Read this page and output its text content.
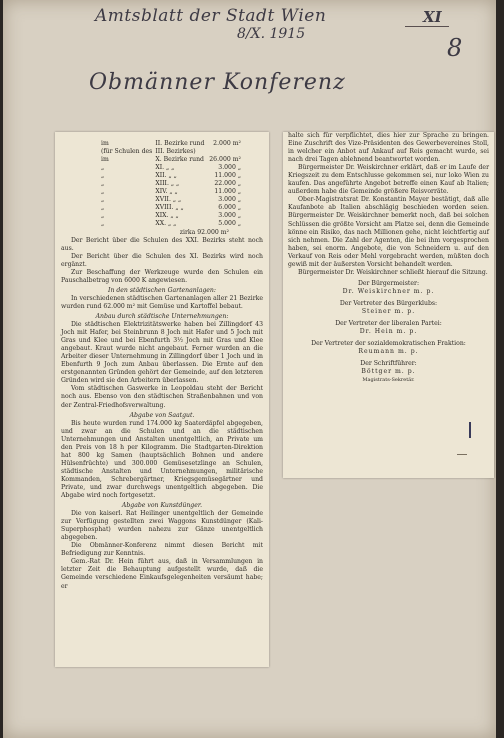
Amtsblatt der Stadt Wien	XI
8/X. 1915	8
Obmänner Konferenz
im	II. Bezirke rund	2.000 m²
(für Schulen des	III. Bezirkes)	
im	X. Bezirke rund	26.000 m²
„	XI. „ „	3.000 „
„	XII. „ „	11.000 „
„	XIII. „ „	22.000 „
„	XIV. „ „	11.000 „
„	XVII. „ „	3.000 „
„	XVIII. „ „	6.000 „
„	XIX. „ „	3.000 „
„	XX. „ „	5.000 „
zirka 92.000 m²

Der Bericht über die Schulen des XXI. Bezirks steht noch aus.

Der Bericht über die Schulen des XI. Bezirks wird noch ergänzt.

Zur Beschaffung der Werkzeuge wurde den Schulen ein Pauschalbetrag von 6000 K angewiesen.

In den städtischen Gartenanlagen:

In verschiedenen städtischen Gartenanlagen aller 21 Bezirke wurden rund 62.000 m² mit Gemüse und Kartoffel bebaut.

Anbau durch städtische Unternehmungen:

Die städtischen Elektrizitätswerke haben bei Zillingdorf 43 Joch mit Hafer, bei Steinbrunn 8 Joch mit Hafer und 5 Joch mit Gras und Klee und bei Ebenfurth 3½ Joch mit Gras und Klee angebaut. Kraut wurde nicht angebaut. Ferner wurden an die Arbeiter dieser Unternehmung in Zillingdorf über 1 Joch und in Ebenfurth 9 Joch zum Anbau überlassen. Die Ernte auf den erstgenannten Gründen gehört der Gemeinde, auf den letzteren Gründen wird sie den Arbeitern überlassen.

Vom städtischen Gaswerke in Leopoldau steht der Bericht noch aus. Ebenso von den städtischen Straßenbahnen und von der Zentral-Friedhofsverwaltung.

Abgabe von Saatgut.

Bis heute wurden rund 174.000 kg Saaterdäpfel abgegeben, und zwar an die Schulen und an die städtischen Unternehmungen und Anstalten unentgeltlich, an Private um den Preis von 18 h per Kilogramm. Die Stadtgarten-Direktion hat 800 kg Samen (hauptsächlich Bohnen und andere Hülsenfrüchte) und 300.000 Gemüsesetzlinge an Schulen, städtische Anstalten und Unternehmungen, militärische Kommanden, Schrebergärtner, Kriegsgemüsegärtner und Private, und zwar durchwegs unentgeltlich abgegeben. Die Abgabe wird noch fortgesetzt.

Abgabe von Kunstdünger.

Die von kaiserl. Rat Heilinger unentgeltlich der Gemeinde zur Verfügung gestellten zwei Waggons Kunstdünger (Kali-Superphosphat) wurden nahezu zur Gänze unentgeltlich abgegeben.

Die Obmänner-Konferenz nimmt diesen Bericht mit Befriedigung zur Kenntnis.

Gem.-Rat Dr. Hein führt aus, daß in Versammlungen in letzter Zeit die Behauptung aufgestellt wurde, daß die Gemeinde verschiedene Einkaufsgelegenheiten versäumt habe; er

halte sich für verpflichtet, dies hier zur Sprache zu bringen. Eine Zuschrift des Vize-Präsidenten des Gewerbevereines Stoll, in welcher ein Anbot auf Ankauf auf Reis gemacht wurde, sei nach drei Tagen ablehnend beantwortet worden.

Bürgermeister Dr. Weiskirchner erklärt, daß er im Laufe der Kriegszeit zu dem Entschlusse gekommen sei, nur loko Wien zu kaufen. Das angeführte Angebot betreffe einen Kauf ab Italien; außerdem habe die Gemeinde größere Reisvorräte.

Ober-Magistratsrat Dr. Konstantin Mayer bestätigt, daß alle Kaufanbote ab Italien abschlägig beschieden worden seien. Bürgermeister Dr. Weiskirchner bemerkt noch, daß bei solchen Schlüssen die größte Vorsicht am Platze sei, denn die Gemeinde könne ein Risiko, das nach Millionen gehe, nicht leichtfertig auf sich nehmen. Die Zahl der Agenten, die bei ihm vorgesprochen haben, sei enorm. Angebote, die von Schneidern u. auf den Verkauf von Reis oder Mehl vorgebracht werden, müßten doch gewiß mit der äußersten Vorsicht behandelt werden.

Bürgermeister Dr. Weiskirchner schließt hierauf die Sitzung.

Der Bürgermeister:

Dr. Weiskirchner m. p.

Der Vertreter des Bürgerklubs:

Steiner m. p.

Der Vertreter der liberalen Partei:

Dr. Hein m. p.

Der Vertreter der sozialdemokratischen Fraktion:

Reumann m. p.

Der Schriftführer:

Böttger m. p.

Magistrats-Sekretär.
